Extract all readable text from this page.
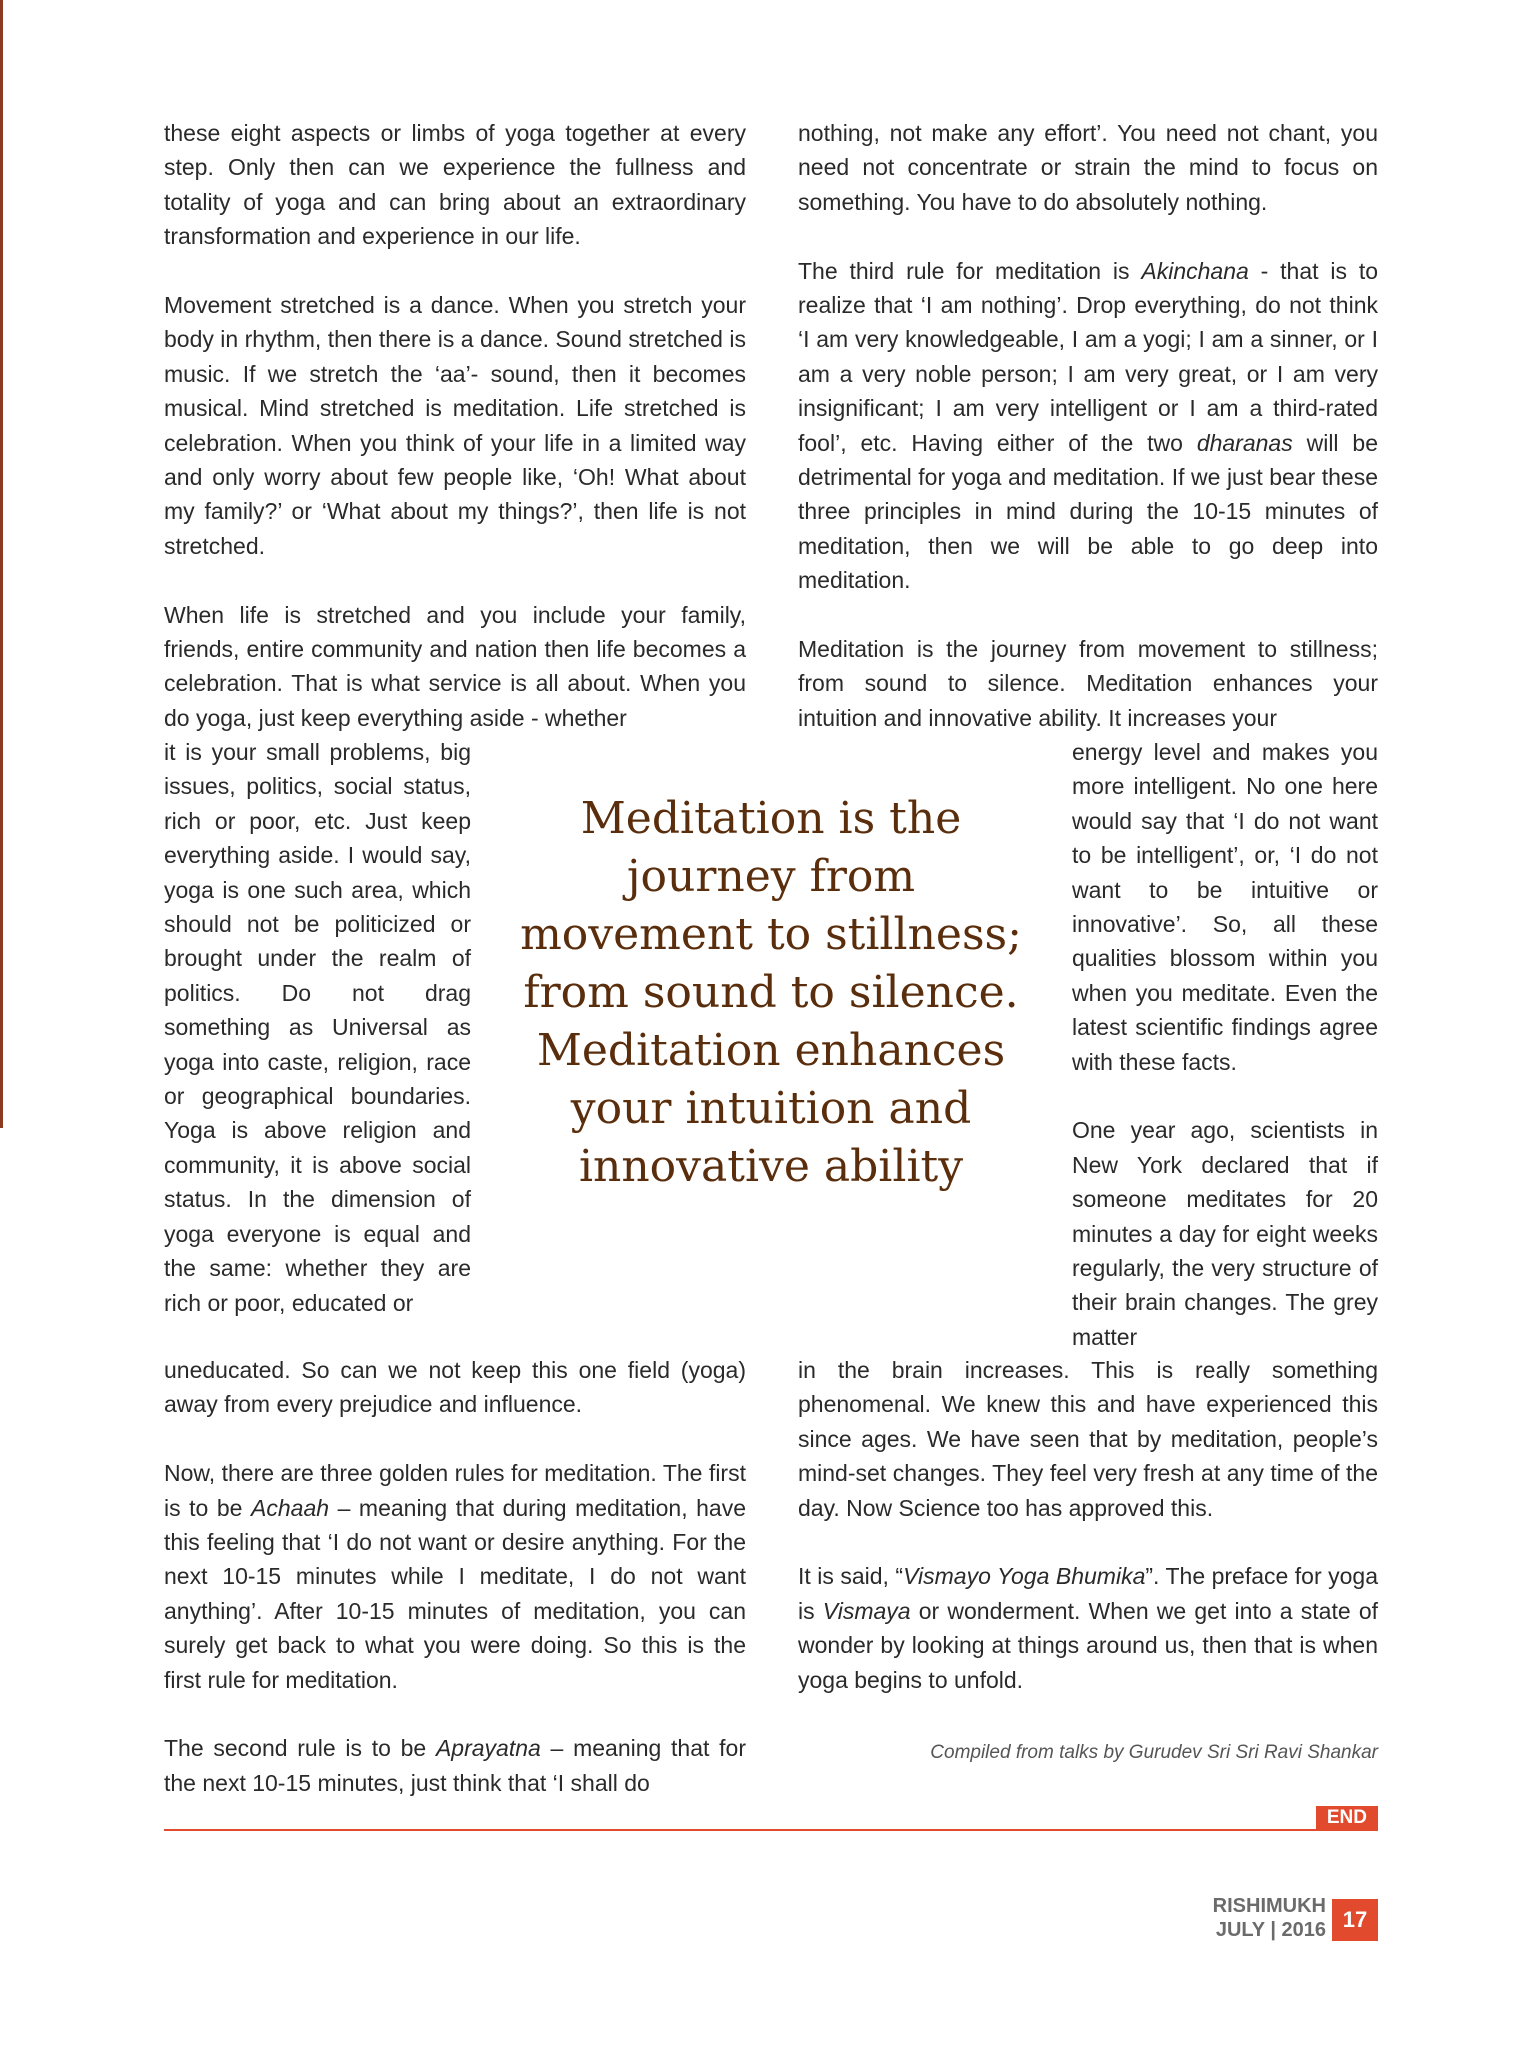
these eight aspects or limbs of yoga together at every step. Only then can we experience the fullness and totality of yoga and can bring about an extraordinary transformation and experience in our life.

Movement stretched is a dance. When you stretch your body in rhythm, then there is a dance. Sound stretched is music. If we stretch the ‘aa’- sound, then it becomes musical. Mind stretched is meditation. Life stretched is celebration. When you think of your life in a limited way and only worry about few people like, ‘Oh! What about my family?’ or ‘What about my things?’, then life is not stretched.

When life is stretched and you include your family, friends, entire community and nation then life becomes a celebration. That is what service is all about. When you do yoga, just keep everything aside - whether

it is your small problems, big issues, politics, social status, rich or poor, etc. Just keep everything aside. I would say, yoga is one such area, which should not be politicized or brought under the realm of politics. Do not drag something as Universal as yoga into caste, religion, race or geographical boundaries. Yoga is above religion and community, it is above social status. In the dimension of yoga everyone is equal and the same: whether they are rich or poor, educated or

uneducated. So can we not keep this one field (yoga) away from every prejudice and influence.

Now, there are three golden rules for meditation. The first is to be Achaah – meaning that during meditation, have this feeling that ‘I do not want or desire anything. For the next 10-15 minutes while I meditate, I do not want anything’. After 10-15 minutes of meditation, you can surely get back to what you were doing. So this is the first rule for meditation.

The second rule is to be Aprayatna – meaning that for the next 10-15 minutes, just think that ‘I shall do

nothing, not make any effort’. You need not chant, you need not concentrate or strain the mind to focus on something. You have to do absolutely nothing.

The third rule for meditation is Akinchana - that is to realize that ‘I am nothing’. Drop everything, do not think ‘I am very knowledgeable, I am a yogi; I am a sinner, or I am a very noble person; I am very great, or I am very insignificant; I am very intelligent or I am a third-rated fool’, etc. Having either of the two dharanas will be detrimental for yoga and meditation. If we just bear these three principles in mind during the 10-15 minutes of meditation, then we will be able to go deep into meditation.

Meditation is the journey from movement to stillness; from sound to silence. Meditation enhances your intuition and innovative ability. It increases your

energy level and makes you more intelligent. No one here would say that ‘I do not want to be intelligent’, or, ‘I do not want to be intuitive or innovative’. So, all these qualities blossom within you when you meditate. Even the latest scientific findings agree with these facts.

One year ago, scientists in New York declared that if someone meditates for 20 minutes a day for eight weeks regularly, the very structure of their brain changes. The grey matter

in the brain increases. This is really something phenomenal. We knew this and have experienced this since ages. We have seen that by meditation, people’s mind-set changes. They feel very fresh at any time of the day. Now Science too has approved this.

It is said, “Vismayo Yoga Bhumika”. The preface for yoga is Vismaya or wonderment. When we get into a state of wonder by looking at things around us, then that is when yoga begins to unfold.

Meditation is the journey from movement to stillness; from sound to silence. Meditation enhances your intuition and innovative ability
Compiled from talks by Gurudev Sri Sri Ravi Shankar
END
RISHIMUKH
JULY | 2016 17
